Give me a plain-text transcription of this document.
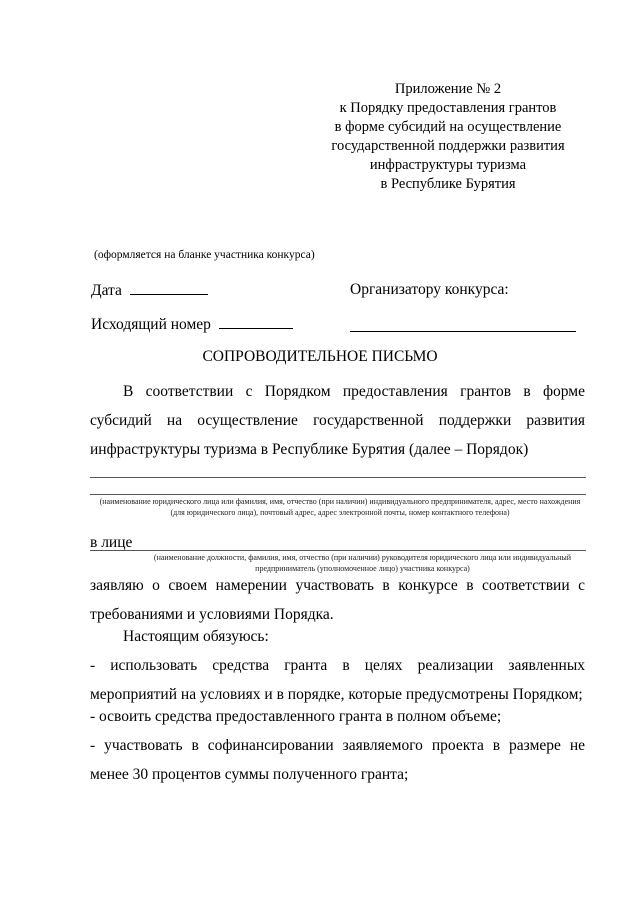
Приложение № 2
к Порядку предоставления грантов
в форме субсидий на осуществление
государственной поддержки развития
инфраструктуры туризма
в Республике Бурятия
(оформляется на бланке участника конкурса)
Дата	Организатору конкурса:
Исходящий номер
СОПРОВОДИТЕЛЬНОЕ ПИСЬМО
В соответствии с Порядком предоставления грантов в форме субсидий на осуществление государственной поддержки развития инфраструктуры туризма в Республике Бурятия (далее – Порядок)
(наименование юридического лица или фамилия, имя, отчество (при наличии) индивидуального предпринимателя, адрес, место нахождения (для юридического лица), почтовый адрес, адрес электронной почты, номер контактного телефона)
в лице
(наименование должности, фамилия, имя, отчество (при наличии) руководителя юридического лица или индивидуальный предприниматель (уполномоченное лицо) участника конкурса)
заявляю о своем намерении участвовать в конкурсе в соответствии с требованиями и условиями Порядка.
Настоящим обязуюсь:
- использовать средства гранта в целях реализации заявленных мероприятий на условиях и в порядке, которые предусмотрены Порядком;
- освоить средства предоставленного гранта в полном объеме;
- участвовать в софинансировании заявляемого проекта в размере не менее 30 процентов суммы полученного гранта;
